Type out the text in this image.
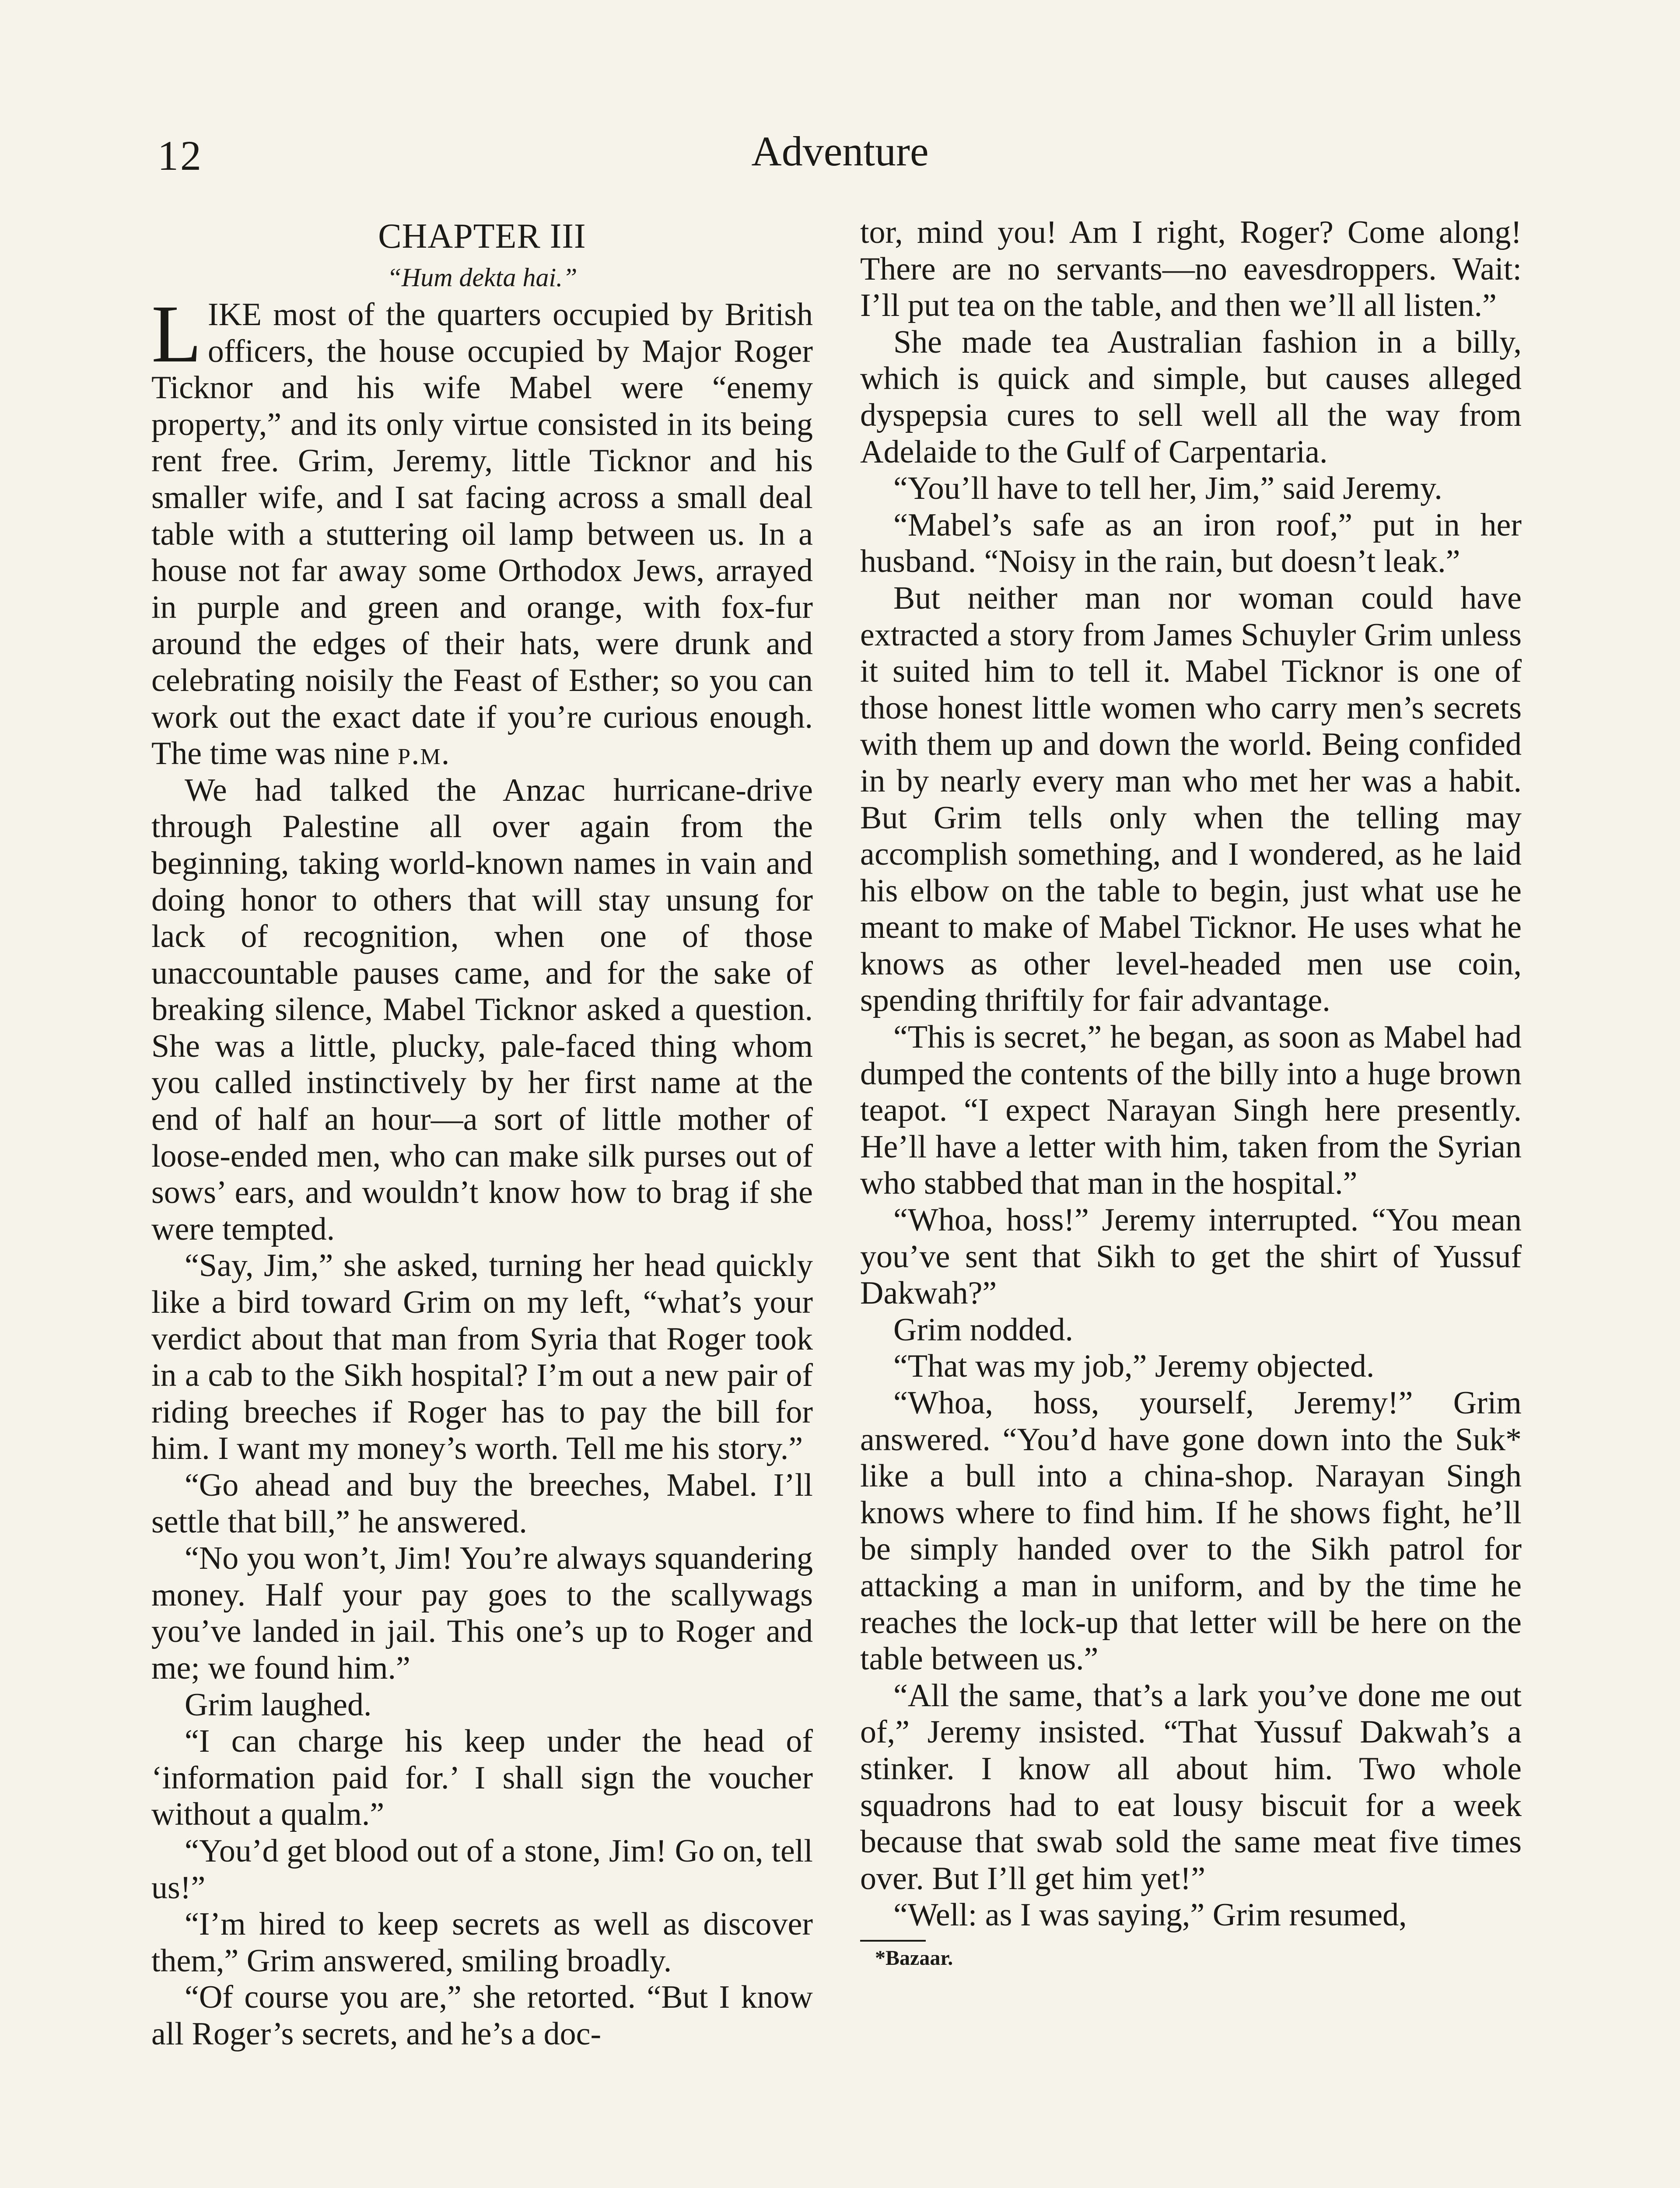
12	Adventure
CHAPTER III
“Hum dekta hai.”

LIKE most of the quarters occupied by British officers, the house occupied by Major Roger Ticknor and his wife Mabel were “enemy property,” and its only virtue consisted in its being rent free. Grim, Jeremy, little Ticknor and his smaller wife, and I sat facing across a small deal table with a stuttering oil lamp between us. In a house not far away some Orthodox Jews, arrayed in purple and green and orange, with fox-fur around the edges of their hats, were drunk and celebrating noisily the Feast of Esther; so you can work out the exact date if you’re curious enough. The time was nine p.m.

We had talked the Anzac hurricane-drive through Palestine all over again from the beginning, taking world-known names in vain and doing honor to others that will stay unsung for lack of recognition, when one of those unaccountable pauses came, and for the sake of breaking silence, Mabel Ticknor asked a question. She was a little, plucky, pale-faced thing whom you called instinctively by her first name at the end of half an hour—a sort of little mother of loose-ended men, who can make silk purses out of sows’ ears, and wouldn’t know how to brag if she were tempted.

“Say, Jim,” she asked, turning her head quickly like a bird toward Grim on my left, “what’s your verdict about that man from Syria that Roger took in a cab to the Sikh hospital? I’m out a new pair of riding breeches if Roger has to pay the bill for him. I want my money’s worth. Tell me his story.”

“Go ahead and buy the breeches, Mabel. I’ll settle that bill,” he answered.

“No you won’t, Jim! You’re always squandering money. Half your pay goes to the scallywags you’ve landed in jail. This one’s up to Roger and me; we found him.”

Grim laughed.

“I can charge his keep under the head of ‘information paid for.’ I shall sign the voucher without a qualm.”

“You’d get blood out of a stone, Jim! Go on, tell us!”

“I’m hired to keep secrets as well as discover them,” Grim answered, smiling broadly.

“Of course you are,” she retorted. “But I know all Roger’s secrets, and he’s a doc-

tor, mind you! Am I right, Roger? Come along! There are no servants—no eavesdroppers. Wait: I’ll put tea on the table, and then we’ll all listen.”

She made tea Australian fashion in a billy, which is quick and simple, but causes alleged dyspepsia cures to sell well all the way from Adelaide to the Gulf of Carpentaria.

“You’ll have to tell her, Jim,” said Jeremy.

“Mabel’s safe as an iron roof,” put in her husband. “Noisy in the rain, but doesn’t leak.”

But neither man nor woman could have extracted a story from James Schuyler Grim unless it suited him to tell it. Mabel Ticknor is one of those honest little women who carry men’s secrets with them up and down the world. Being confided in by nearly every man who met her was a habit. But Grim tells only when the telling may accomplish something, and I wondered, as he laid his elbow on the table to begin, just what use he meant to make of Mabel Ticknor. He uses what he knows as other level-headed men use coin, spending thriftily for fair advantage.

“This is secret,” he began, as soon as Mabel had dumped the contents of the billy into a huge brown teapot. “I expect Narayan Singh here presently. He’ll have a letter with him, taken from the Syrian who stabbed that man in the hospital.”

“Whoa, hoss!” Jeremy interrupted. “You mean you’ve sent that Sikh to get the shirt of Yussuf Dakwah?”

Grim nodded.

“That was my job,” Jeremy objected.

“Whoa, hoss, yourself, Jeremy!” Grim answered. “You’d have gone down into the Suk* like a bull into a china-shop. Narayan Singh knows where to find him. If he shows fight, he’ll be simply handed over to the Sikh patrol for attacking a man in uniform, and by the time he reaches the lock-up that letter will be here on the table between us.”

“All the same, that’s a lark you’ve done me out of,” Jeremy insisted. “That Yussuf Dakwah’s a stinker. I know all about him. Two whole squadrons had to eat lousy biscuit for a week because that swab sold the same meat five times over. But I’ll get him yet!”

“Well: as I was saying,” Grim resumed,

*Bazaar.
